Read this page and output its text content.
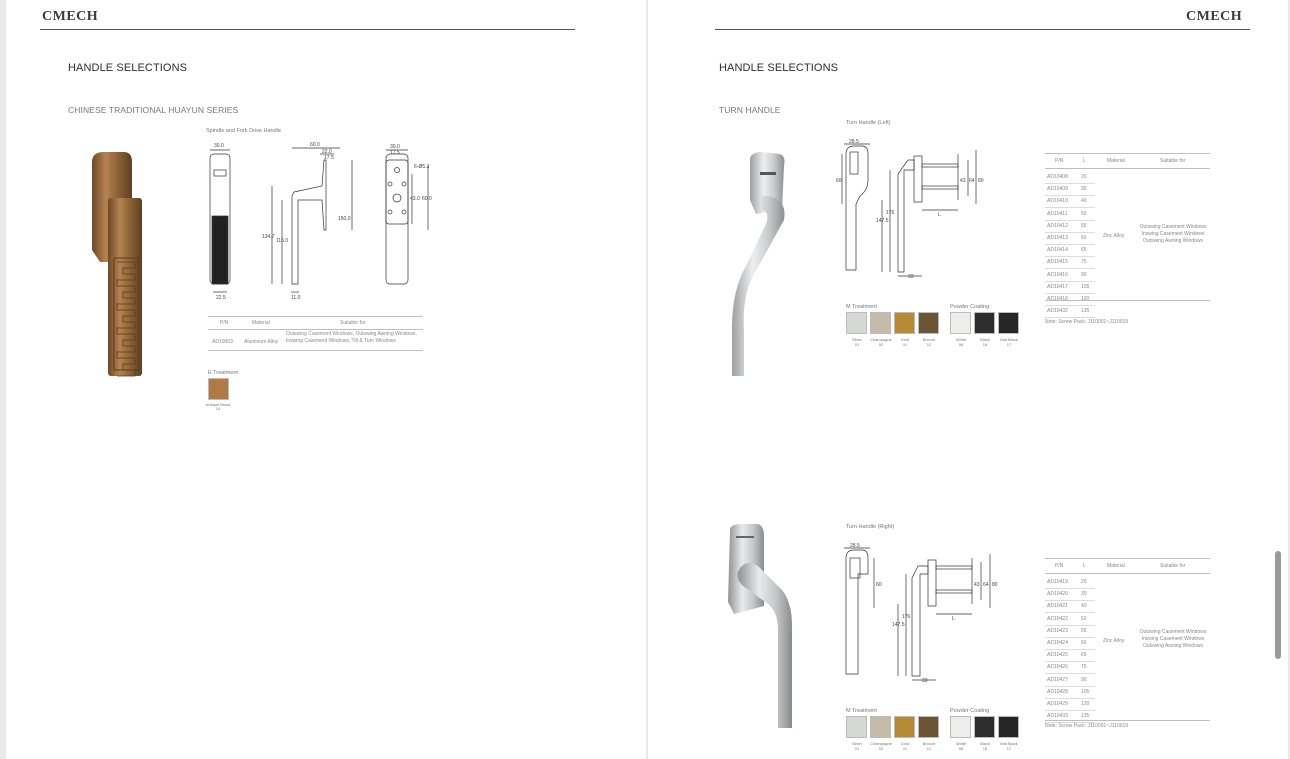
CMECH
HANDLE SELECTIONS
CHINESE TRADITIONAL HUAYUN SERIES
Spindle and Fork Drive Handle
30.0	60.0
22.0
17.5
30.0
17.5
6-Ø5.3
150.0
43.0 60.0
134.7
115.0
22.5	11.0
P/N	Material	Suitable for
AD10003 Aluminum Alloy
Outswing Casement Windows, Outswing Awning Windows,
Inswing Casement Windows, Tilt & Turn Windows
E Treatment
Antique Brass
14
CMECH
HANDLE SELECTIONS
TURN HANDLE
Turn Handle (Left)
28.5
60	43 64 80
L
176
147.5
33
P/N	L	Material	Suitable for
Zinc Alloy
Outswing Casement Windows
Inswing Casement Windows
Outswing Awning Windows
AD10408	20
AD10409	30
AD10410	40
AD10411	50
AD10412	55
AD10413	60
AD10414	65
AD10415	75
AD10416	90
AD10417	105
AD10418	120
AD10432	135
Note: Screw Pack: J110001~J110019
M Treatment	Powder Coating
Silver
01
Champagne
02
Gold
11
Bronze
12
White
08
Black
16
Mat Black
17
Turn Handle (Right)
28.5
60	43 64 80
L
176
147.5
33
P/N	L	Material	Suitable for
Zinc Alloy
Outswing Casement Windows
Inswing Casement Windows
Outswing Awning Windows
AD10419	20
AD10420	30
AD10421	40
AD10422	50
AD10423	55
AD10424	60
AD10425	65
AD10426	75
AD10427	90
AD10428	105
AD10429	120
AD10433	135
Note: Screw Pack: J110001~J110019
M Treatment	Powder Coating
Silver
01
Champagne
02
Gold
11
Bronze
12
White
08
Black
16
Mat Black
17
